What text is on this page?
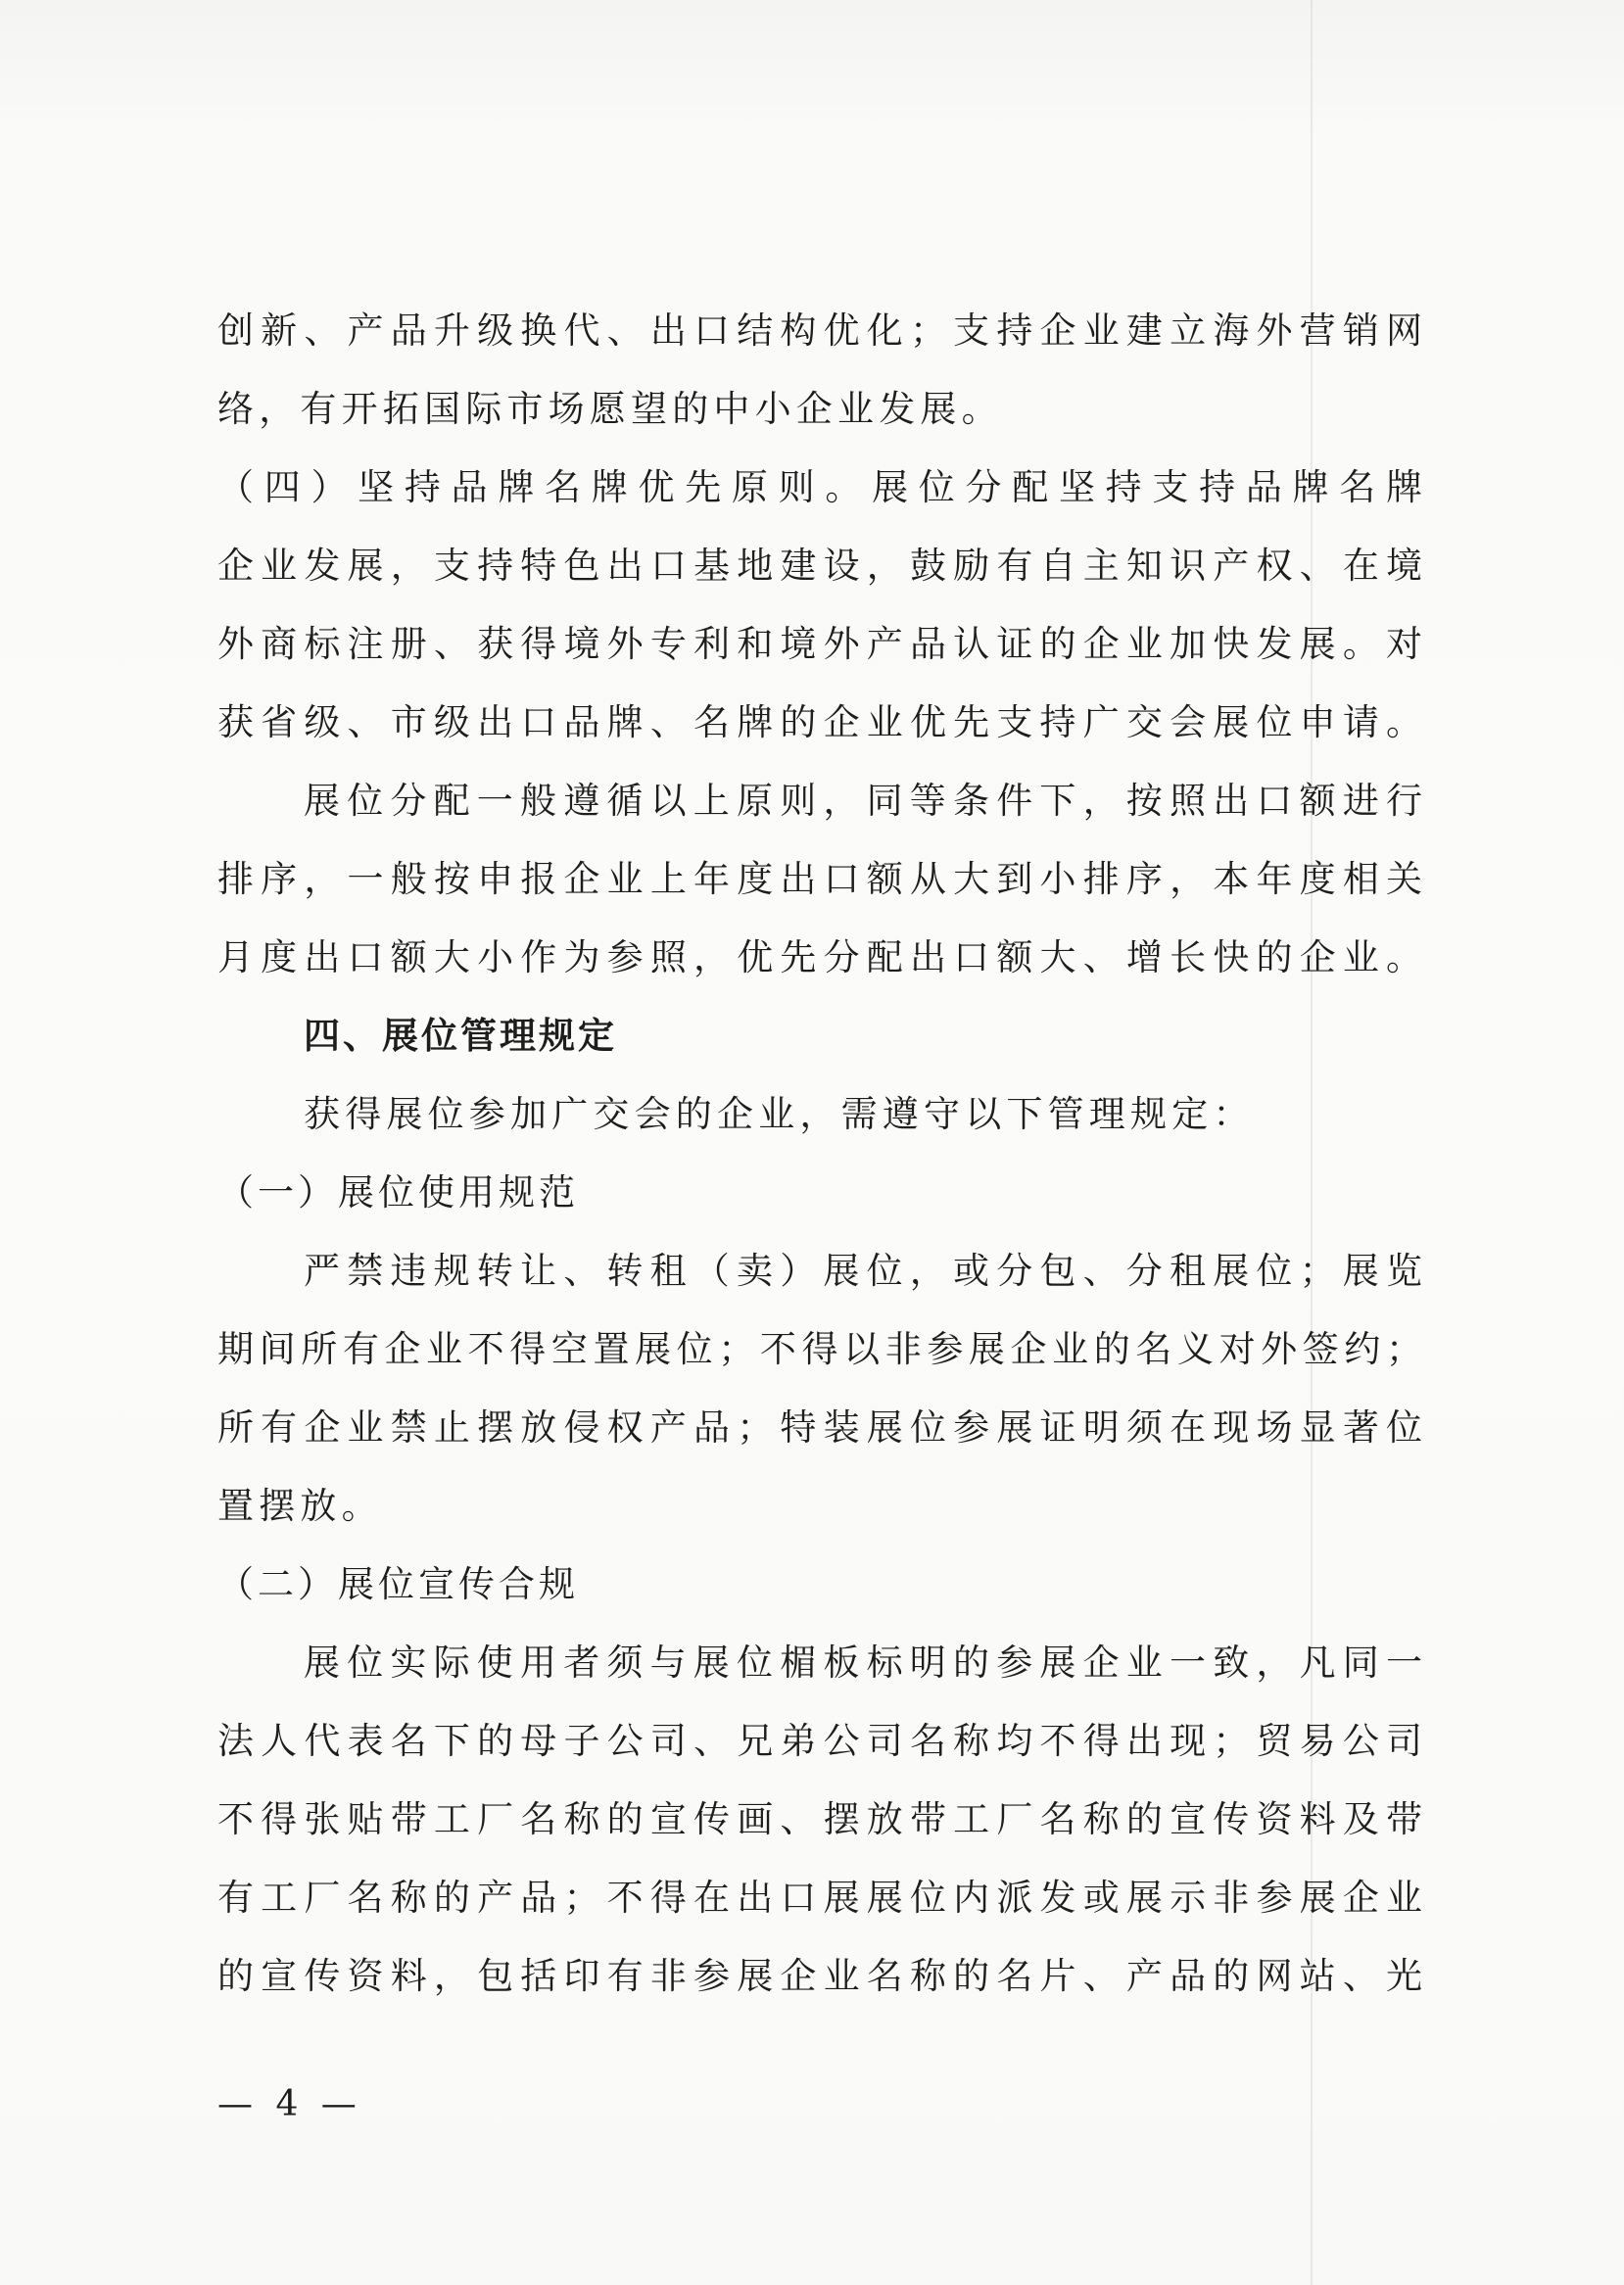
创新、产品升级换代、出口结构优化；支持企业建立海外营销网
络，有开拓国际市场愿望的中小企业发展。
（四）坚持品牌名牌优先原则。展位分配坚持支持品牌名牌
企业发展，支持特色出口基地建设，鼓励有自主知识产权、在境
外商标注册、获得境外专利和境外产品认证的企业加快发展。对
获省级、市级出口品牌、名牌的企业优先支持广交会展位申请。
展位分配一般遵循以上原则，同等条件下，按照出口额进行
排序，一般按申报企业上年度出口额从大到小排序，本年度相关
月度出口额大小作为参照，优先分配出口额大、增长快的企业。
四、展位管理规定
获得展位参加广交会的企业，需遵守以下管理规定：
（一）展位使用规范
严禁违规转让、转租（卖）展位，或分包、分租展位；展览
期间所有企业不得空置展位；不得以非参展企业的名义对外签约；
所有企业禁止摆放侵权产品；特装展位参展证明须在现场显著位
置摆放。
（二）展位宣传合规
展位实际使用者须与展位楣板标明的参展企业一致，凡同一
法人代表名下的母子公司、兄弟公司名称均不得出现；贸易公司
不得张贴带工厂名称的宣传画、摆放带工厂名称的宣传资料及带
有工厂名称的产品；不得在出口展展位内派发或展示非参展企业
的宣传资料，包括印有非参展企业名称的名片、产品的网站、光
— 4 —
